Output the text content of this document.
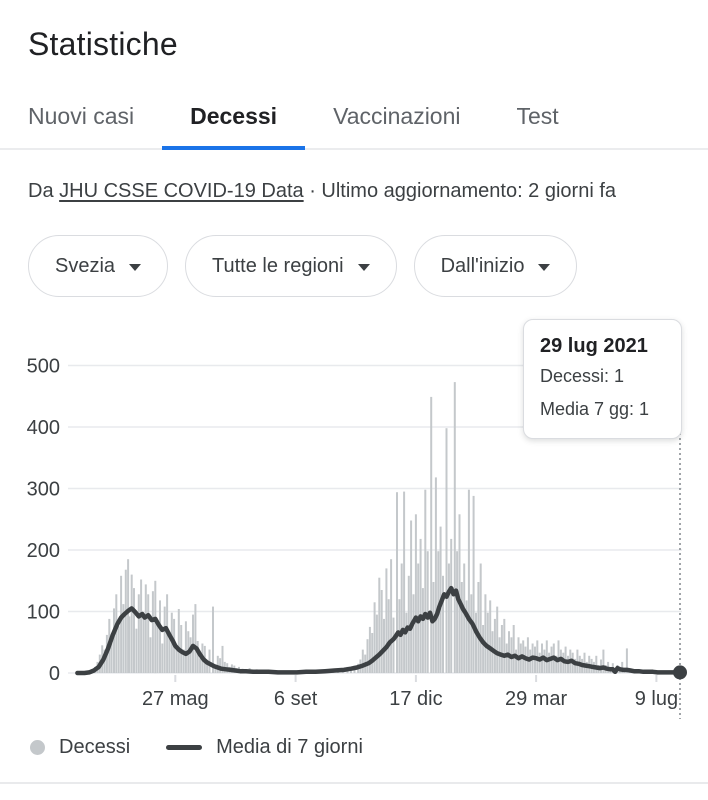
Statistiche
Nuovi casi	Decessi	Vaccinazioni	Test
Da JHU CSSE COVID-19 Data · Ultimo aggiornamento: 2 giorni fa
Svezia	Tutte le regioni	Dall'inizio
0
100
200
300
400
500
27 mag	6 set	17 dic	29 mar	9 lug
29 lug 2021
Decessi: 1
Media 7 gg: 1
Decessi	Media di 7 giorni
